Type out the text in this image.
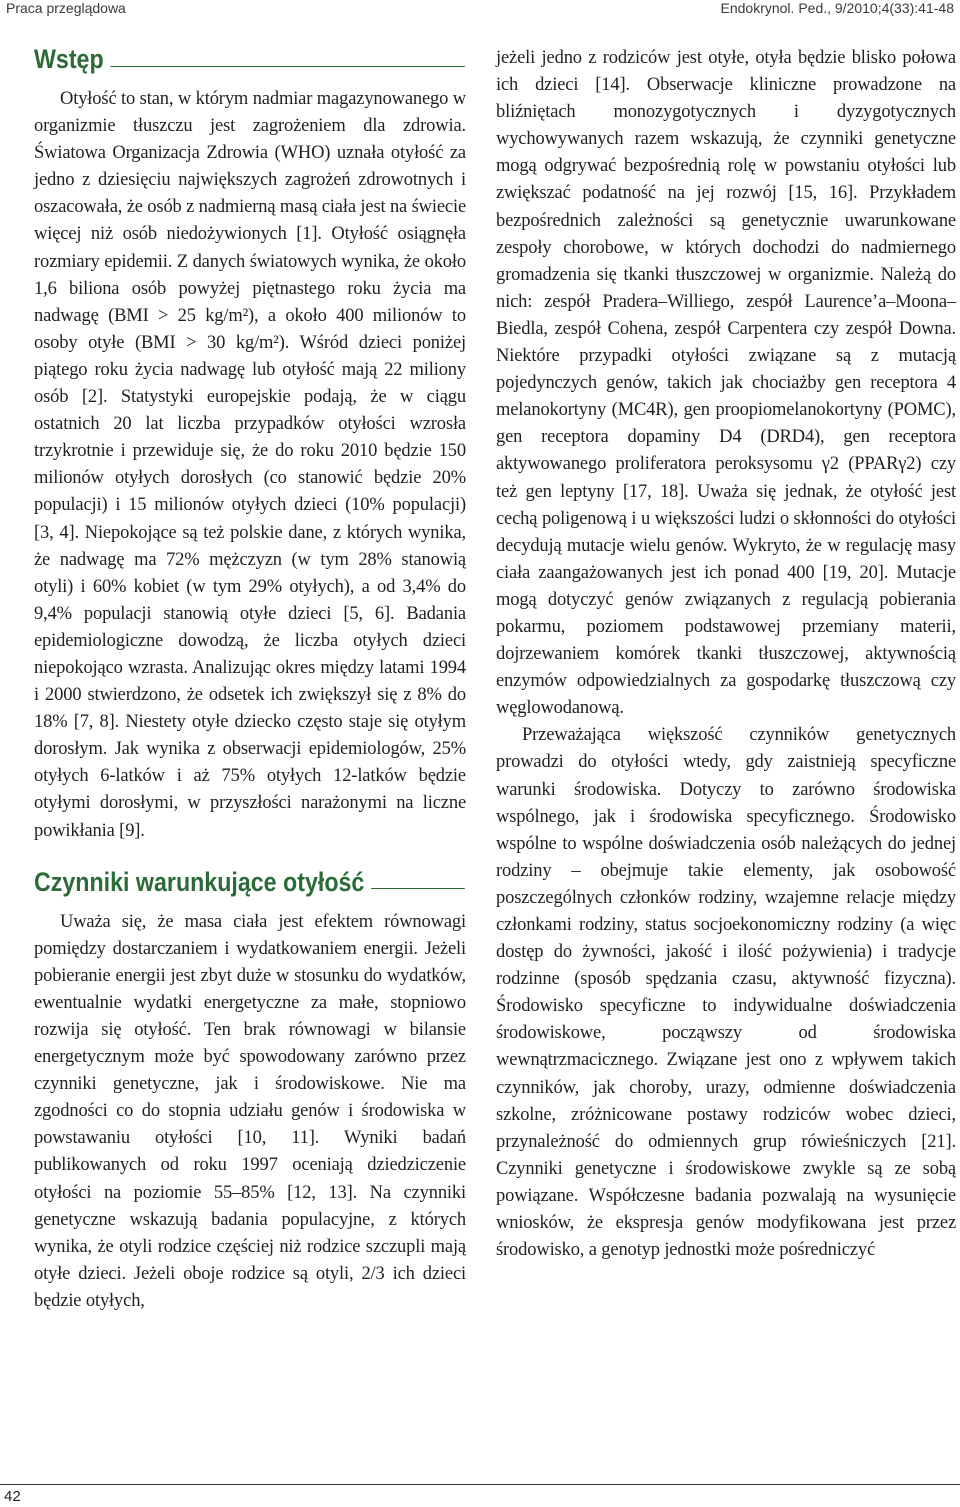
Praca przeglądowa	Endokrynol. Ped., 9/2010;4(33):41-48
Wstęp

Otyłość to stan, w którym nadmiar magazynowanego w organizmie tłuszczu jest zagrożeniem dla zdrowia. Światowa Organizacja Zdrowia (WHO) uznała otyłość za jedno z dziesięciu największych zagrożeń zdrowotnych i oszacowała, że osób z nadmierną masą ciała jest na świecie więcej niż osób niedożywionych [1]. Otyłość osiągnęła rozmiary epidemii. Z danych światowych wynika, że około 1,6 biliona osób powyżej piętnastego roku życia ma nadwagę (BMI > 25 kg/m²), a około 400 milionów to osoby otyłe (BMI > 30 kg/m²). Wśród dzieci poniżej piątego roku życia nadwagę lub otyłość mają 22 miliony osób [2]. Statystyki europejskie podają, że w ciągu ostatnich 20 lat liczba przypadków otyłości wzrosła trzykrotnie i przewiduje się, że do roku 2010 będzie 150 milionów otyłych dorosłych (co stanowić będzie 20% populacji) i 15 milionów otyłych dzieci (10% populacji) [3, 4]. Niepokojące są też polskie dane, z których wynika, że nadwagę ma 72% mężczyzn (w tym 28% stanowią otyli) i 60% kobiet (w tym 29% otyłych), a od 3,4% do 9,4% populacji stanowią otyłe dzieci [5, 6]. Badania epidemiologiczne dowodzą, że liczba otyłych dzieci niepokojąco wzrasta. Analizując okres między latami 1994 i 2000 stwierdzono, że odsetek ich zwiększył się z 8% do 18% [7, 8]. Niestety otyłe dziecko często staje się otyłym dorosłym. Jak wynika z obserwacji epidemiologów, 25% otyłych 6-latków i aż 75% otyłych 12-latków będzie otyłymi dorosłymi, w przyszłości narażonymi na liczne powikłania [9].

Czynniki warunkujące otyłość

Uważa się, że masa ciała jest efektem równowagi pomiędzy dostarczaniem i wydatkowaniem energii. Jeżeli pobieranie energii jest zbyt duże w stosunku do wydatków, ewentualnie wydatki energetyczne za małe, stopniowo rozwija się otyłość. Ten brak równowagi w bilansie energetycznym może być spowodowany zarówno przez czynniki genetyczne, jak i środowiskowe. Nie ma zgodności co do stopnia udziału genów i środowiska w powstawaniu otyłości [10, 11]. Wyniki badań publikowanych od roku 1997 oceniają dziedziczenie otyłości na poziomie 55–85% [12, 13]. Na czynniki genetyczne wskazują badania populacyjne, z których wynika, że otyli rodzice częściej niż rodzice szczupli mają otyłe dzieci. Jeżeli oboje rodzice są otyli, 2/3 ich dzieci będzie otyłych,

jeżeli jedno z rodziców jest otyłe, otyła będzie blisko połowa ich dzieci [14]. Obserwacje kliniczne prowadzone na bliźniętach monozygotycznych i dyzygotycznych wychowywanych razem wskazują, że czynniki genetyczne mogą odgrywać bezpośrednią rolę w powstaniu otyłości lub zwiększać podatność na jej rozwój [15, 16]. Przykładem bezpośrednich zależności są genetycznie uwarunkowane zespoły chorobowe, w których dochodzi do nadmiernego gromadzenia się tkanki tłuszczowej w organizmie. Należą do nich: zespół Pradera–Williego, zespół Laurence’a–Moona–Biedla, zespół Cohena, zespół Carpentera czy zespół Downa. Niektóre przypadki otyłości związane są z mutacją pojedynczych genów, takich jak chociażby gen receptora 4 melanokortyny (MC4R), gen proopiomelanokortyny (POMC), gen receptora dopaminy D4 (DRD4), gen receptora aktywowanego proliferatora peroksysomu γ2 (PPARγ2) czy też gen leptyny [17, 18]. Uważa się jednak, że otyłość jest cechą poligenową i u większości ludzi o skłonności do otyłości decydują mutacje wielu genów. Wykryto, że w regulację masy ciała zaangażowanych jest ich ponad 400 [19, 20]. Mutacje mogą dotyczyć genów związanych z regulacją pobierania pokarmu, poziomem podstawowej przemiany materii, dojrzewaniem komórek tkanki tłuszczowej, aktywnością enzymów odpowiedzialnych za gospodarkę tłuszczową czy węglowodanową.

Przeważająca większość czynników genetycznych prowadzi do otyłości wtedy, gdy zaistnieją specyficzne warunki środowiska. Dotyczy to zarówno środowiska wspólnego, jak i środowiska specyficznego. Środowisko wspólne to wspólne doświadczenia osób należących do jednej rodziny – obejmuje takie elementy, jak osobowość poszczególnych członków rodziny, wzajemne relacje między członkami rodziny, status socjoekonomiczny rodziny (a więc dostęp do żywności, jakość i ilość pożywienia) i tradycje rodzinne (sposób spędzania czasu, aktywność fizyczna). Środowisko specyficzne to indywidualne doświadczenia środowiskowe, począwszy od środowiska wewnątrzmacicznego. Związane jest ono z wpływem takich czynników, jak choroby, urazy, odmienne doświadczenia szkolne, zróżnicowane postawy rodziców wobec dzieci, przynależność do odmiennych grup rówieśniczych [21]. Czynniki genetyczne i środowiskowe zwykle są ze sobą powiązane. Współczesne badania pozwalają na wysunięcie wniosków, że ekspresja genów modyfikowana jest przez środowisko, a genotyp jednostki może pośredniczyć

42
